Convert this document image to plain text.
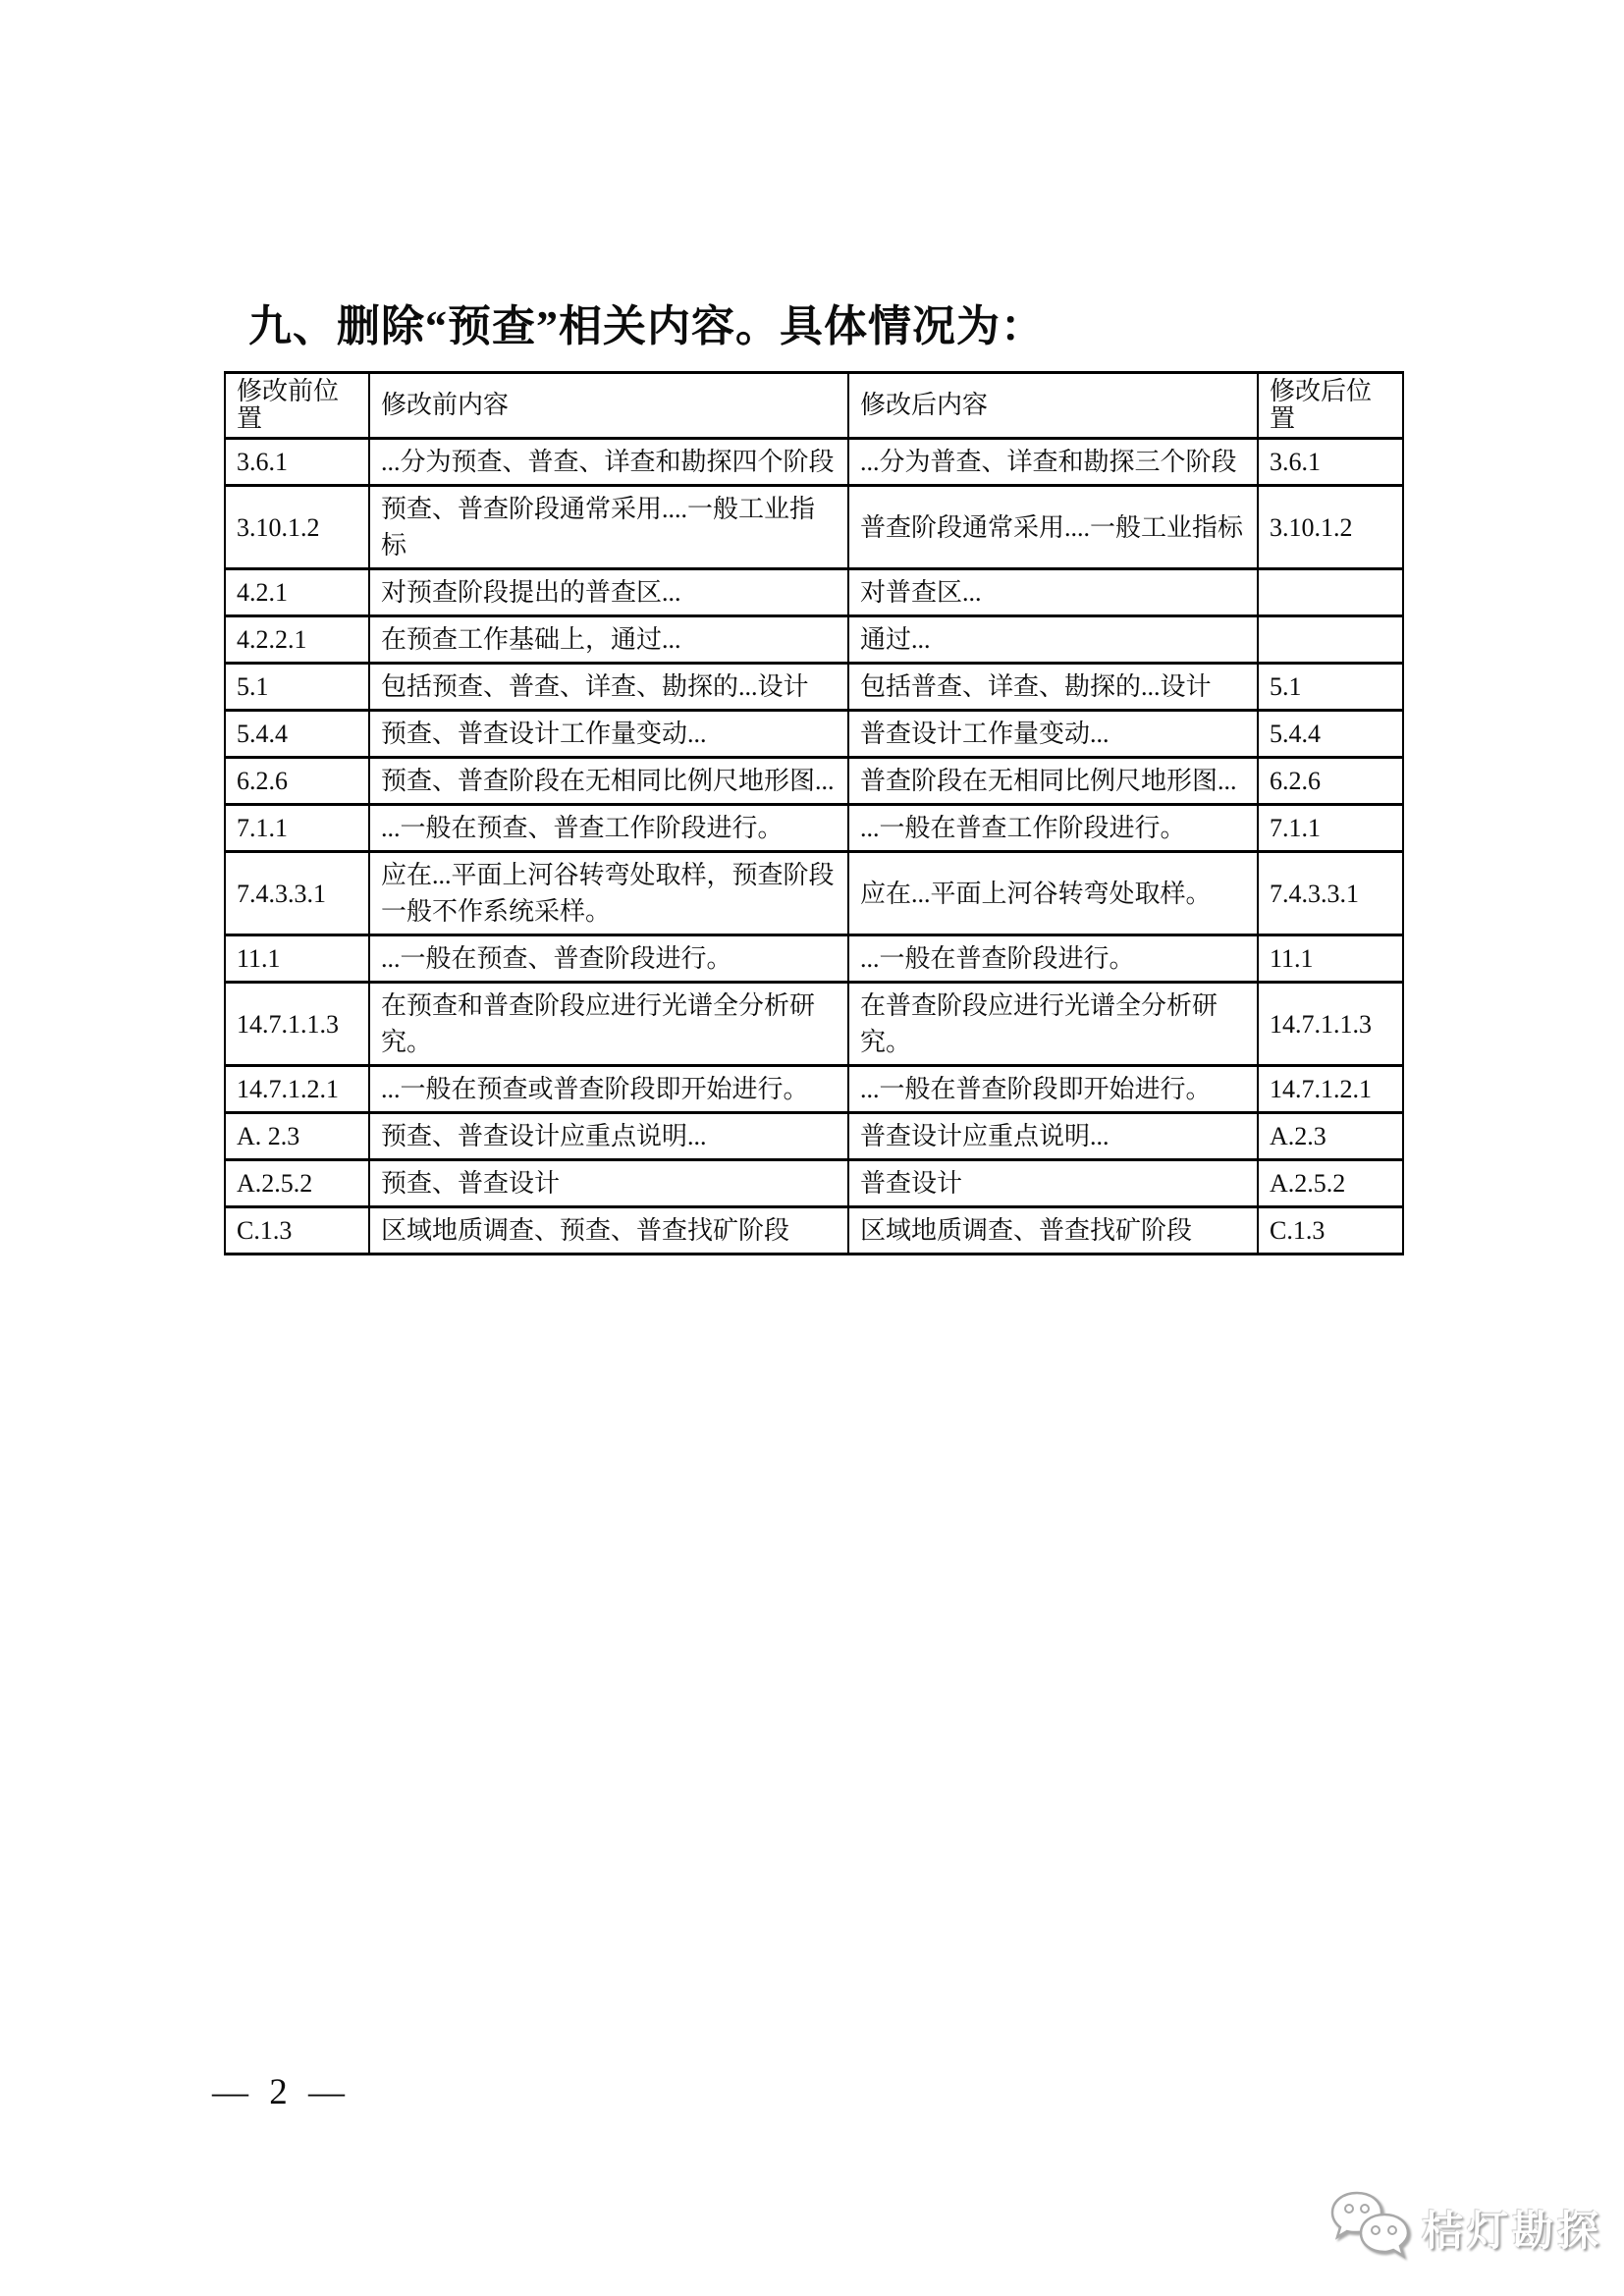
九、删除“预查”相关内容。具体情况为：
修改前位置	修改前内容	修改后内容	修改后位置
3.6.1	...分为预查、普查、详查和勘探四个阶段	...分为普查、详查和勘探三个阶段	3.6.1
3.10.1.2	预查、普查阶段通常采用....一般工业指标	普查阶段通常采用....一般工业指标	3.10.1.2
4.2.1	对预查阶段提出的普查区...	对普查区...	
4.2.2.1	在预查工作基础上，通过...	通过...	
5.1	包括预查、普查、详查、勘探的...设计	包括普查、详查、勘探的...设计	5.1
5.4.4	预查、普查设计工作量变动...	普查设计工作量变动...	5.4.4
6.2.6	预查、普查阶段在无相同比例尺地形图...	普查阶段在无相同比例尺地形图...	6.2.6
7.1.1	...一般在预查、普查工作阶段进行。	...一般在普查工作阶段进行。	7.1.1
7.4.3.3.1	应在...平面上河谷转弯处取样，预查阶段一般不作系统采样。	应在...平面上河谷转弯处取样。	7.4.3.3.1
11.1	...一般在预查、普查阶段进行。	...一般在普查阶段进行。	11.1
14.7.1.1.3	在预查和普查阶段应进行光谱全分析研究。	在普查阶段应进行光谱全分析研究。	14.7.1.1.3
14.7.1.2.1	...一般在预查或普查阶段即开始进行。	...一般在普查阶段即开始进行。	14.7.1.2.1
A. 2.3	预查、普查设计应重点说明...	普查设计应重点说明...	A.2.3
A.2.5.2	预查、普查设计	普查设计	A.2.5.2
C.1.3	区域地质调查、预查、普查找矿阶段	区域地质调查、普查找矿阶段	C.1.3
— 2 —
桔灯勘探
